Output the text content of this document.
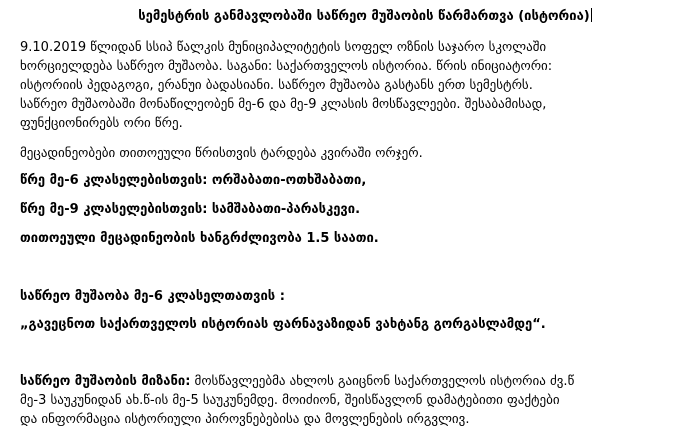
სემესტრის განმავლობაში საწრეო მუშაობის წარმართვა (ისტორია)

9.10.2019 წლიდან სსიპ წალკის მუნიციპალიტეტის სოფელ ოზნის საჯარო სკოლაში
ხორციელდება საწრეო მუშაობა. საგანი: საქართველოს ისტორია. წრის ინიციატორი:
ისტორიის პედაგოგი, ერანუი ბადასიანი. საწრეო მუშაობა გასტანს ერთ სემესტრს.
საწრეო მუშაობაში მონაწილეობენ მე-6 და მე-9 კლასის მოსწავლეები. შესაბამისად,
ფუნქციონირებს ორი წრე.

მეცადინეობები თითოეული წრისთვის ტარდება კვირაში ორჯერ.

წრე მე-6 კლასელებისთვის: ორშაბათი-ოთხშაბათი,

წრე მე-9 კლასელებისთვის: სამშაბათი-პარასკევი.

თითოეული მეცადინეობის ხანგრძლივობა 1.5 საათი.

საწრეო მუშაობა მე-6 კლასელთათვის :

„გავეცნოთ საქართველოს ისტორიას ფარნავაზიდან ვახტანგ გორგასლამდე“.

საწრეო მუშაობის მიზანი: მოსწავლეებმა ახლოს გაიცნონ საქართველოს ისტორია ძვ.წ
მე-3 საუკუნიდან ახ.წ-ის მე-5 საუკუნემდე. მოიძიონ, შეისწავლონ დამატებითი ფაქტები
და ინფორმაცია ისტორიული პიროვნებებისა და მოვლენების ირგვლივ.
